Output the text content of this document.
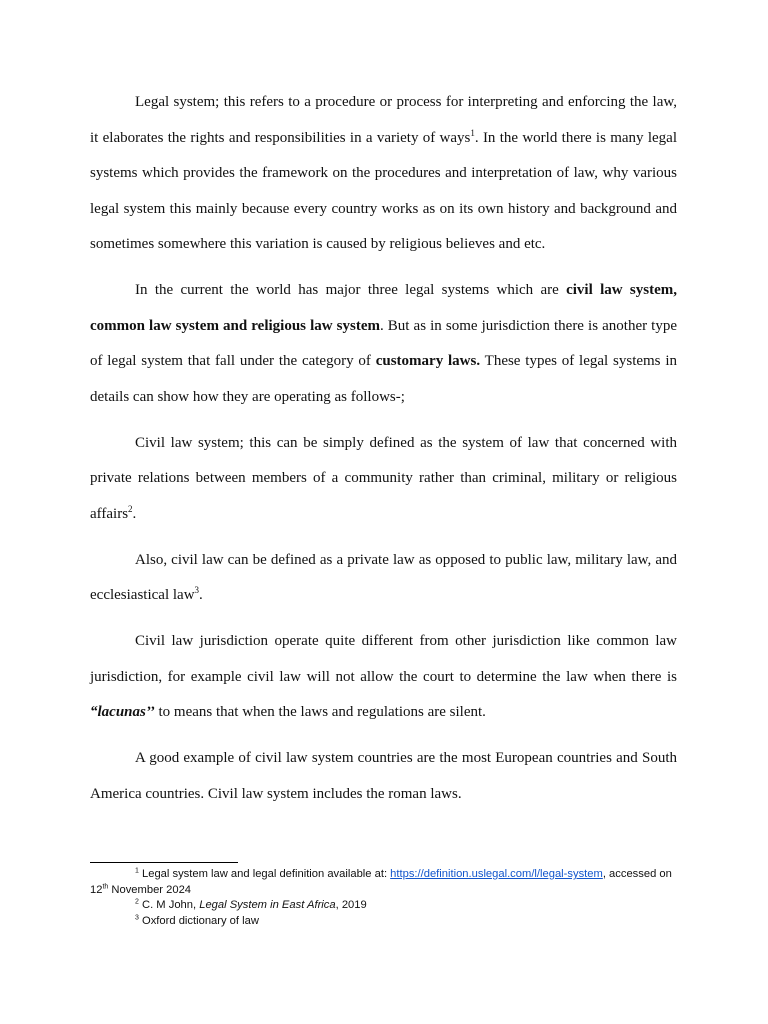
Legal system; this refers to a procedure or process for interpreting and enforcing the law, it elaborates the rights and responsibilities in a variety of ways$^1$. In the world there is many legal systems which provides the framework on the procedures and interpretation of law, why various legal system this mainly because every country works as on its own history and background and sometimes somewhere this variation is caused by religious believes and etc.

In the current the world has major three legal systems which are civil law system, common law system and religious law system. But as in some jurisdiction there is another type of legal system that fall under the category of customary laws. These types of legal systems in details can show how they are operating as follows-;

Civil law system; this can be simply defined as the system of law that concerned with private relations between members of a community rather than criminal, military or religious affairs$^2$.

Also, civil law can be defined as a private law as opposed to public law, military law, and ecclesiastical law$^3$.

Civil law jurisdiction operate quite different from other jurisdiction like common law jurisdiction, for example civil law will not allow the court to determine the law when there is “lacunas’’ to means that when the laws and regulations are silent.

A good example of civil law system countries are the most European countries and South America countries. Civil law system includes the roman laws.

$^1$ Legal system law and legal definition available at: https://definition.uslegal.com/l/legal-system, accessed on 12th November 2024

$^2$ C. M John, Legal System in East Africa, 2019

$^3$ Oxford dictionary of law
